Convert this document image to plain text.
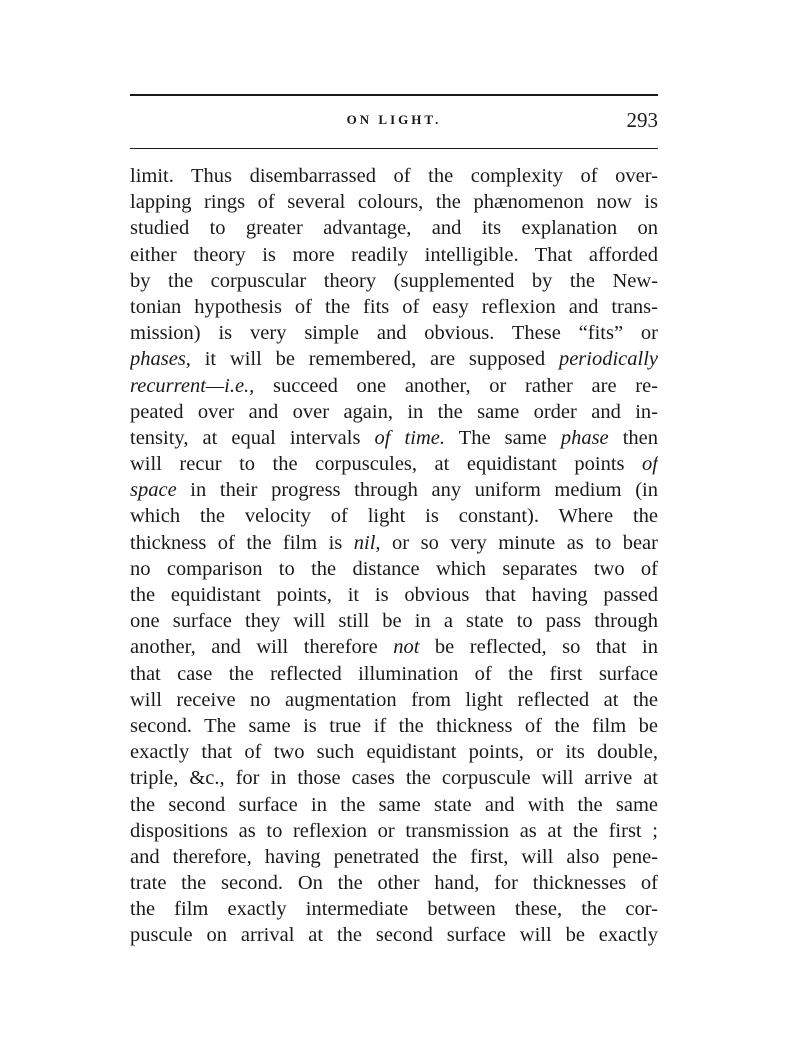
ON LIGHT.	293
limit. Thus disembarrassed of the complexity of over-
lapping rings of several colours, the phænomenon now is
studied to greater advantage, and its explanation on
either theory is more readily intelligible. That afforded
by the corpuscular theory (supplemented by the New-
tonian hypothesis of the fits of easy reflexion and trans-
mission) is very simple and obvious. These “fits” or
phases, it will be remembered, are supposed periodically
recurrent—i.e., succeed one another, or rather are re-
peated over and over again, in the same order and in-
tensity, at equal intervals of time. The same phase then
will recur to the corpuscules, at equidistant points of
space in their progress through any uniform medium (in
which the velocity of light is constant). Where the
thickness of the film is nil, or so very minute as to bear
no comparison to the distance which separates two of
the equidistant points, it is obvious that having passed
one surface they will still be in a state to pass through
another, and will therefore not be reflected, so that in
that case the reflected illumination of the first surface
will receive no augmentation from light reflected at the
second. The same is true if the thickness of the film be
exactly that of two such equidistant points, or its double,
triple, &c., for in those cases the corpuscule will arrive at
the second surface in the same state and with the same
dispositions as to reflexion or transmission as at the first ;
and therefore, having penetrated the first, will also pene-
trate the second. On the other hand, for thicknesses of
the film exactly intermediate between these, the cor-
puscule on arrival at the second surface will be exactly
